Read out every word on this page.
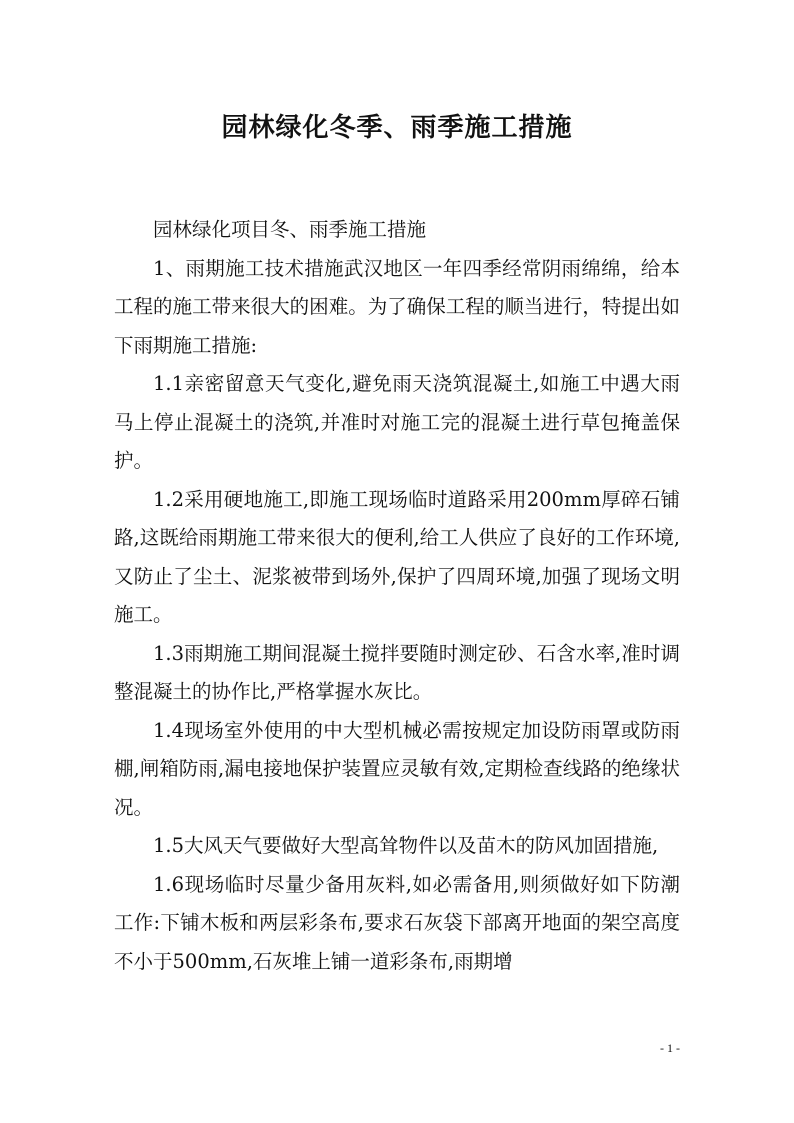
园林绿化冬季、雨季施工措施

园林绿化项目冬、雨季施工措施

1、雨期施工技术措施武汉地区一年四季经常阴雨绵绵，给本工程的施工带来很大的困难。为了确保工程的顺当进行，特提出如下雨期施工措施:

1.1亲密留意天气变化,避免雨天浇筑混凝土,如施工中遇大雨马上停止混凝土的浇筑,并准时对施工完的混凝土进行草包掩盖保护。

1.2采用硬地施工,即施工现场临时道路采用200mm厚碎石铺路,这既给雨期施工带来很大的便利,给工人供应了良好的工作环境,又防止了尘土、泥浆被带到场外,保护了四周环境,加强了现场文明施工。

1.3雨期施工期间混凝土搅拌要随时测定砂、石含水率,准时调整混凝土的协作比,严格掌握水灰比。

1.4现场室外使用的中大型机械必需按规定加设防雨罩或防雨棚,闸箱防雨,漏电接地保护装置应灵敏有效,定期检查线路的绝缘状况。

1.5大风天气要做好大型高耸物件以及苗木的防风加固措施,

1.6现场临时尽量少备用灰料,如必需备用,则须做好如下防潮工作:下铺木板和两层彩条布,要求石灰袋下部离开地面的架空高度不小于500mm,石灰堆上铺一道彩条布,雨期增

- 1 -
